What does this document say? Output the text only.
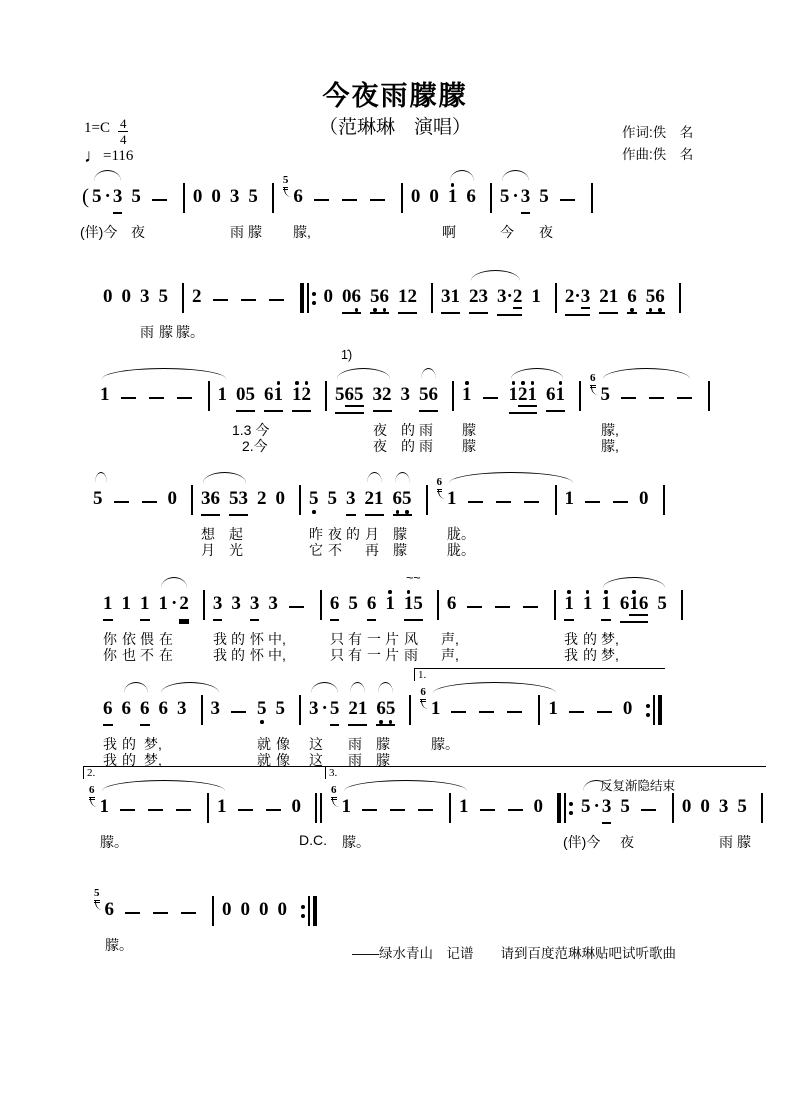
今夜雨朦朦
（范琳琳　演唱）	作词:佚　名
作曲:佚　名
$1=C \frac{4}{4}$
♩=116
( 5 · 3 5	0 0 3 5
5
6	0 0 1 6 5 · 3 5
(伴)今 夜	雨 朦 朦,	啊	今 夜
0 0 3 5 2	0 0 6 5 6 1 2 3 1 2 3 3 · 2 1 2 · 3 2 1 6 5 6
雨 朦 朦。
1	1 0 5 6 1 1 2 5 6 5 3 2 3 5 6 1 1 2 1 6 1
6
5
1̇)
1.3 今	夜 的 雨 朦	朦,
2.今	夜 的 雨 朦	朦,
5	0 3 6 5 3 2 0 5 5 3 2 1 6 5
6
1	1	0
想 起	昨 夜 的 月 朦	胧。
月 光	它 不 再 朦	胧。
1 1 1 1 · 2 3 3 3 3	6 5 6 1 1 5 6	1 1 1 6 1 6 5
~~
你 依 偎 在	我 的 怀 中,	只 有 一 片 风 声,	我 的 梦,
你 也 不 在	我 的 怀 中,	只 有 一 片 雨 声,	我 的 梦,
6 6 6 6 3 3 5 5 3 · 5 2 1 6 5
6
1	1	0
1.
我 的 梦,	就 像 这 雨 朦	朦。
我 的 梦,	就 像 这 雨 朦
6
1	1	0
6
1	1	0 5 · 3 5	0 0 3 5
2.	3.
反复渐隐结束
朦。	D.C. 朦。	(伴)今 夜	雨 朦
5
6	0 0 0 0
朦。
——绿水青山　记谱　　请到百度范琳琳贴吧试听歌曲
